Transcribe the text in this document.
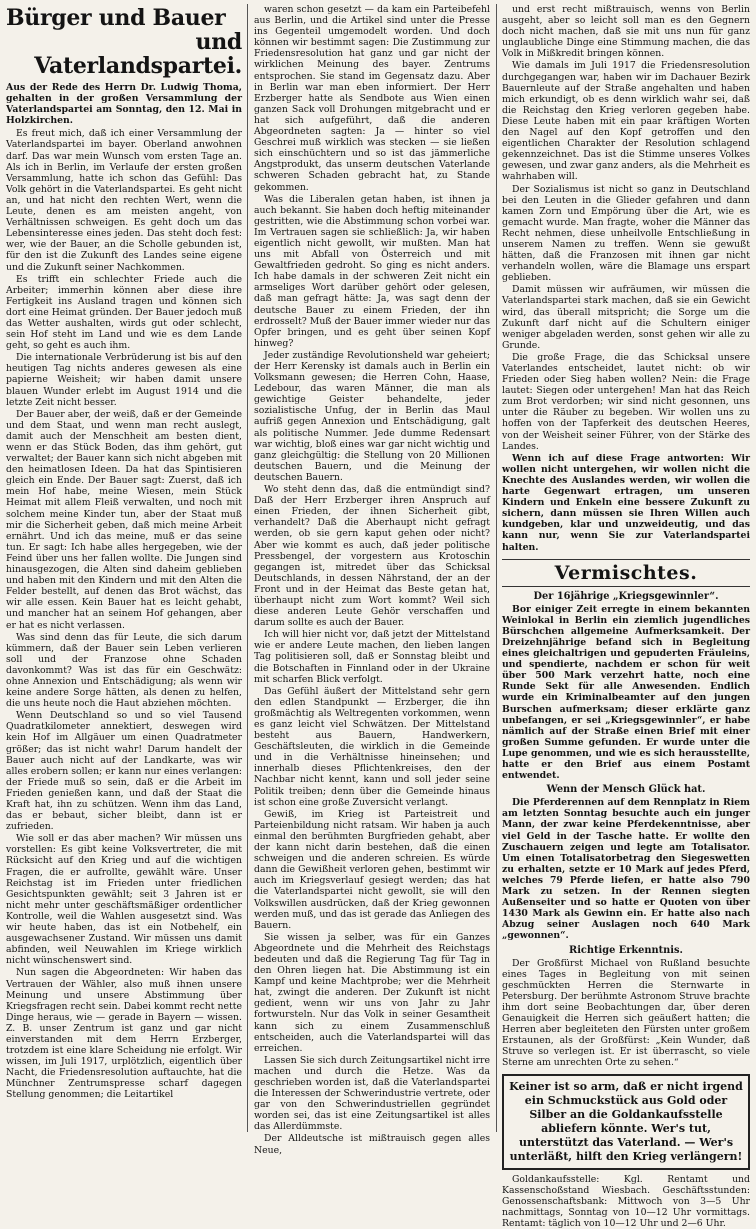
Bürger und Bauer
und Vaterlandspartei.

Aus der Rede des Herrn Dr. Ludwig Thoma, gehalten in der großen Versammlung der Vaterlandspartei am Sonntag, den 12. Mai in Holzkirchen.

Es freut mich, daß ich einer Versammlung der Vaterlandspartei im bayer. Oberland anwohnen darf. Das war mein Wunsch vom ersten Tage an. Als ich in Berlin, im Verlaufe der ersten großen Versammlung, hatte ich schon das Gefühl: Das Volk gehört in die Vaterlandspartei. Es geht nicht an, und hat nicht den rechten Wert, wenn die Leute, denen es am meisten angeht, von Verhältnissen schweigen. Es geht doch um das Lebensinteresse eines jeden. Das steht doch fest: wer, wie der Bauer, an die Scholle gebunden ist, für den ist die Zukunft des Landes seine eigene und die Zukunft seiner Nachkommen.

Es trifft ein schlechter Friede auch die Arbeiter; immerhin können aber diese ihre Fertigkeit ins Ausland tragen und können sich dort eine Heimat gründen. Der Bauer jedoch muß das Wetter aushalten, wirds gut oder schlecht, sein Hof steht im Land und wie es dem Lande geht, so geht es auch ihm.

Die internationale Verbrüderung ist bis auf den heutigen Tag nichts anderes gewesen als eine papierne Weisheit; wir haben damit unsere blauen Wunder erlebt im August 1914 und die letzte Zeit nicht besser.

Der Bauer aber, der weiß, daß er der Gemeinde und dem Staat, und wenn man recht auslegt, damit auch der Menschheit am besten dient, wenn er das Stück Boden, das ihm gehört, gut verwaltet; der Bauer kann sich nicht abgeben mit den heimatlosen Ideen. Da hat das Spintisieren gleich ein Ende. Der Bauer sagt: Zuerst, daß ich mein Hof habe, meine Wiesen, mein Stück Heimat mit allem Fleiß verwalten, und noch mit solchem meine Kinder tun, aber der Staat muß mir die Sicherheit geben, daß mich meine Arbeit ernährt. Und ich das meine, muß er das seine tun. Er sagt: Ich habe alles hergegeben, wie der Feind über uns her fallen wollte. Die Jungen sind hinausgezogen, die Alten sind daheim geblieben und haben mit den Kindern und mit den Alten die Felder bestellt, auf denen das Brot wächst, das wir alle essen. Kein Bauer hat es leicht gehabt, und mancher hat an seinem Hof gehangen, aber er hat es nicht verlassen.

Was sind denn das für Leute, die sich darum kümmern, daß der Bauer sein Leben verlieren soll und der Franzose ohne Schaden davonkommt? Was ist das für ein Geschwätz: ohne Annexion und Entschädigung; als wenn wir keine andere Sorge hätten, als denen zu helfen, die uns heute noch die Haut abziehen möchten.

Wenn Deutschland so und so viel Tausend Quadratkilometer annektiert, deswegen wird kein Hof im Allgäuer um einen Quadratmeter größer; das ist nicht wahr! Darum handelt der Bauer auch nicht auf der Landkarte, was wir alles erobern sollen; er kann nur eines verlangen: der Friede muß so sein, daß er die Arbeit im Frieden genießen kann, und daß der Staat die Kraft hat, ihn zu schützen. Wenn ihm das Land, das er bebaut, sicher bleibt, dann ist er zufrieden.

Wie soll er das aber machen? Wir müssen uns vorstellen: Es gibt keine Volksvertreter, die mit Rücksicht auf den Krieg und auf die wichtigen Fragen, die er aufrollte, gewählt wäre. Unser Reichstag ist im Frieden unter friedlichen Gesichtspunkten gewählt; seit 3 Jahren ist er nicht mehr unter geschäftsmäßiger ordentlicher Kontrolle, weil die Wahlen ausgesetzt sind. Was wir heute haben, das ist ein Notbehelf, ein ausgewachsener Zustand. Wir müssen uns damit abfinden, weil Neuwahlen im Kriege wirklich nicht wünschenswert sind.

Nun sagen die Abgeordneten: Wir haben das Vertrauen der Wähler, also muß ihnen unsere Meinung und unsere Abstimmung über Kriegsfragen recht sein. Dabei kommt recht nette Dinge heraus, wie — gerade in Bayern — wissen. Z. B. unser Zentrum ist ganz und gar nicht einverstanden mit dem Herrn Erzberger, trotzdem ist eine klare Scheidung nie erfolgt. Wir wissen, im Juli 1917, urplötzlich, eigentlich über Nacht, die Friedensresolution auftauchte, hat die Münchner Zentrumspresse scharf dagegen Stellung genommen; die Leitartikel

waren schon gesetzt — da kam ein Parteibefehl aus Berlin, und die Artikel sind unter die Presse ins Gegenteil umgemodelt worden. Und doch können wir bestimmt sagen: Die Zustimmung zur Friedensresolution hat ganz und gar nicht der wirklichen Meinung des bayer. Zentrums entsprochen. Sie stand im Gegensatz dazu. Aber in Berlin war man eben informiert. Der Herr Erzberger hatte als Sendbote aus Wien einen ganzen Sack voll Drohungen mitgebracht und er hat sich aufgeführt, daß die anderen Abgeordneten sagten: Ja — hinter so viel Geschrei muß wirklich was stecken — sie ließen sich einschüchtern und so ist das jämmerliche Angstprodukt, das unserm deutschen Vaterlande schweren Schaden gebracht hat, zu Stande gekommen.

Was die Liberalen getan haben, ist ihnen ja auch bekannt. Sie haben doch heftig miteinander gestritten, wie die Abstimmung schon vorbei war. Im Vertrauen sagen sie schließlich: Ja, wir haben eigentlich nicht gewollt, wir mußten. Man hat uns mit Abfall von Österreich und mit Gewaltfrieden gedroht. So ging es nicht anders. Ich habe damals in der schweren Zeit nicht ein armseliges Wort darüber gehört oder gelesen, daß man gefragt hätte: Ja, was sagt denn der deutsche Bauer zu einem Frieden, der ihn erdrosselt? Muß der Bauer immer wieder nur das Opfer bringen, und es geht über seinen Kopf hinweg?

Jeder zuständige Revolutionsheld war geheiert; der Herr Kerensky ist damals auch in Berlin ein Volksmann gewesen; die Herren Cohn, Haase, Ledebour, das waren Männer, die man als gewichtige Geister behandelte, jeder sozialistische Unfug, der in Berlin das Maul aufriß gegen Annexion und Entschädigung, galt als politische Nummer. Jede dumme Redensart war wichtig, bloß eines war gar nicht wichtig und ganz gleichgültig: die Stellung von 20 Millionen deutschen Bauern, und die Meinung der deutschen Bauern.

Wo steht denn das, daß die entmündigt sind? Daß der Herr Erzberger ihren Anspruch auf einen Frieden, der ihnen Sicherheit gibt, verhandelt? Daß die Aberhaupt nicht gefragt werden, ob sie gern kaput gehen oder nicht? Aber wie kommt es auch, daß jeder politische Pressbengel, der vorgestern aus Krotoschin gegangen ist, mitredet über das Schicksal Deutschlands, in dessen Nährstand, der an der Front und in der Heimat das Beste getan hat, überhaupt nicht zum Wort kommt? Weil sich diese anderen Leute Gehör verschaffen und darum sollte es auch der Bauer.

Ich will hier nicht vor, daß jetzt der Mittelstand wie er andere Leute machen, den lieben langen Tag politisieren soll, daß er Sonnstag bleibt und die Botschaften in Finnland oder in der Ukraine mit scharfen Blick verfolgt.

Das Gefühl äußert der Mittelstand sehr gern den edlen Standpunkt — Erzberger, die ihn großmächtig als Weltregenten vorkommen, wenn es ganz leicht viel Schwätzen. Der Mittelstand besteht aus Bauern, Handwerkern, Geschäftsleuten, die wirklich in die Gemeinde und in die Verhältnisse hineinsehen; und innerhalb dieses Pflichtenkreises, den der Nachbar nicht kennt, kann und soll jeder seine Politik treiben; denn über die Gemeinde hinaus ist schon eine große Zuversicht verlangt.

Gewiß, im Krieg ist Parteistreit und Parteienbildung nicht ratsam. Wir haben ja auch einmal den berühmten Burgfrieden gehabt, aber der kann nicht darin bestehen, daß die einen schweigen und die anderen schreien. Es würde dann die Gewißheit verloren gehen, bestimmt wir auch im Kriegsverlauf gesiegt werden; das hat die Vaterlandspartei nicht gewollt, sie will den Volkswillen ausdrücken, daß der Krieg gewonnen werden muß, und das ist gerade das Anliegen des Bauern.

Sie wissen ja selber, was für ein Ganzes Abgeordnete und die Mehrheit des Reichstags bedeuten und daß die Regierung Tag für Tag in den Ohren liegen hat. Die Abstimmung ist ein Kampf und keine Machtprobe; wer die Mehrheit hat, zwingt die anderen. Der Zukunft ist nicht gedient, wenn wir uns von Jahr zu Jahr fortwursteln. Nur das Volk in seiner Gesamtheit kann sich zu einem Zusammenschluß entscheiden, auch die Vaterlandspartei will das erreichen.

Lassen Sie sich durch Zeitungsartikel nicht irre machen und durch die Hetze. Was da geschrieben worden ist, daß die Vaterlandspartei die Interessen der Schwerindustrie vertrete, oder gar von den Schwerindustriellen gegründet worden sei, das ist eine Zeitungsartikel ist alles das Allerdümmste.

Der Alldeutsche ist mißtrauisch gegen alles Neue,

und erst recht mißtrauisch, wenns von Berlin ausgeht, aber so leicht soll man es den Gegnern doch nicht machen, daß sie mit uns nun für ganz unglaubliche Dinge eine Stimmung machen, die das Volk in Mißkredit bringen können.

Wie damals im Juli 1917 die Friedensresolution durchgegangen war, haben wir im Dachauer Bezirk Bauernleute auf der Straße angehalten und haben mich erkundigt, ob es denn wirklich wahr sei, daß die Reichstag den Krieg verloren gegeben habe. Diese Leute haben mit ein paar kräftigen Worten den Nagel auf den Kopf getroffen und den eigentlichen Charakter der Resolution schlagend gekennzeichnet. Das ist die Stimme unseres Volkes gewesen, und zwar ganz anders, als die Mehrheit es wahrhaben will.

Der Sozialismus ist nicht so ganz in Deutschland bei den Leuten in die Glieder gefahren und dann kamen Zorn und Empörung über die Art, wie es gemacht wurde. Man fragte, woher die Männer das Recht nehmen, diese unheilvolle Entschließung in unserem Namen zu treffen. Wenn sie gewußt hätten, daß die Franzosen mit ihnen gar nicht verhandeln wollen, wäre die Blamage uns erspart geblieben.

Damit müssen wir aufräumen, wir müssen die Vaterlandspartei stark machen, daß sie ein Gewicht wird, das überall mitspricht; die Sorge um die Zukunft darf nicht auf die Schultern einiger weniger abgeladen werden, sonst gehen wir alle zu Grunde.

Die große Frage, die das Schicksal unsere Vaterlandes entscheidet, lautet nicht: ob wir Frieden oder Sieg haben wollen? Nein: die Frage lautet: Siegen oder untergehen! Man hat das Reich zum Brot verdorben; wir sind nicht gesonnen, uns unter die Räuber zu begeben. Wir wollen uns zu hoffen von der Tapferkeit des deutschen Heeres, von der Weisheit seiner Führer, von der Stärke des Landes.

Wenn ich auf diese Frage antworten: Wir wollen nicht untergehen, wir wollen nicht die Knechte des Auslandes werden, wir wollen die harte Gegenwart ertragen, um unseren Kindern und Enkeln eine bessere Zukunft zu sichern, dann müssen sie Ihren Willen auch kundgeben, klar und unzweideutig, und das kann nur, wenn Sie zur Vaterlandspartei halten.

Vermischtes.
Der 16jährige „Kriegsgewinnler“.

Bor einiger Zeit erregte in einem bekannten Weinlokal in Berlin ein ziemlich jugendliches Bürschchen allgemeine Aufmerksamkeit. Der Dreizehnjährige befand sich in Begleitung eines gleichaltrigen und gepuderten Fräuleins, und spendierte, nachdem er schon für weit über 500 Mark verzehrt hatte, noch eine Runde Sekt für alle Anwesenden. Endlich wurde ein Kriminalbeamter auf den jungen Burschen aufmerksam; dieser erklärte ganz unbefangen, er sei „Kriegsgewinnler“, er habe nämlich auf der Straße einen Brief mit einer großen Summe gefunden. Er wurde unter die Lupe genommen, und wie es sich herausstellte, hatte er den Brief aus einem Postamt entwendet.

Wenn der Mensch Glück hat.

Die Pferderennen auf dem Rennplatz in Riem am letzten Sonntag besuchte auch ein junger Mann, der zwar keine Pferdekenntnisse, aber viel Geld in der Tasche hatte. Er wollte den Zuschauern zeigen und legte am Totalisator. Um einen Totalisatorbetrag den Siegeswetten zu erhalten, setzte er 10 Mark auf jedes Pferd, welches 79 Pferde liefen, er hatte also 790 Mark zu setzen. In der Rennen siegten Außenseiter und so hatte er Quoten von über 1430 Mark als Gewinn ein. Er hatte also nach Abzug seiner Auslagen noch 640 Mark „gewonnen“.

Richtige Erkenntnis.

Der Großfürst Michael von Rußland besuchte eines Tages in Begleitung von mit seinen geschmückten Herren die Sternwarte in Petersburg. Der berühmte Astronom Struve brachte ihm dort seine Beobachtungen dar, über deren Genauigkeit die Herren sich geäußert hatten; die Herren aber begleiteten den Fürsten unter großem Erstaunen, als der Großfürst: „Kein Wunder, daß Struve so verlegen ist. Er ist überrascht, so viele Sterne am unrechten Orte zu sehen.“

Keiner ist so arm, daß er nicht irgend ein Schmuckstück aus Gold oder Silber an die Goldankaufsstelle abliefern könnte. Wer's tut, unterstützt das Vaterland. — Wer's unterläßt, hilft den Krieg verlängern!

Goldankaufsstelle: Kgl. Rentamt und Kassenschoßstand Wiesbach. Geschäftsstunden: Genossenschaftsbank: Mittwoch von 3—5 Uhr nachmittags, Sonntag von 10—12 Uhr vormittags. Rentamt: täglich von 10—12 Uhr und 2—6 Uhr.
